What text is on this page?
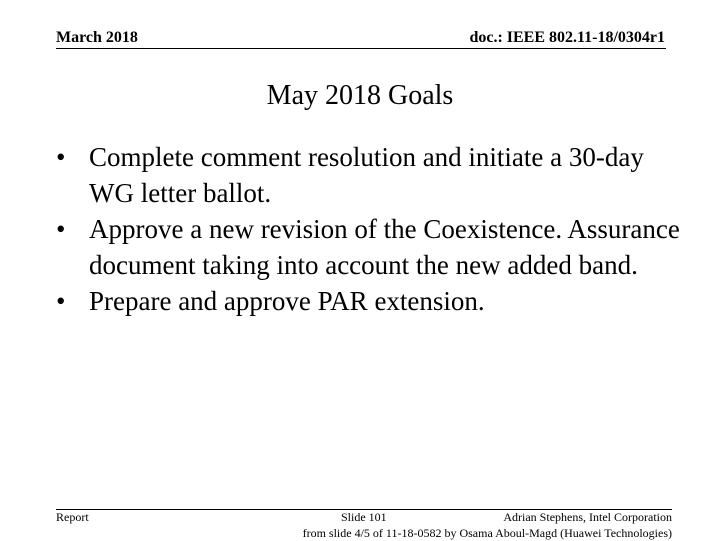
March 2018	doc.: IEEE 802.11-18/0304r1
May 2018 Goals
• Complete comment resolution and initiate a 30-day WG letter ballot.
• Approve a new revision of the Coexistence. Assurance document taking into account the new added band.
• Prepare and approve PAR extension.
Report	Slide 101	Adrian Stephens, Intel Corporation
from slide 4/5 of 11-18-0582 by Osama Aboul-Magd (Huawei Technologies)
